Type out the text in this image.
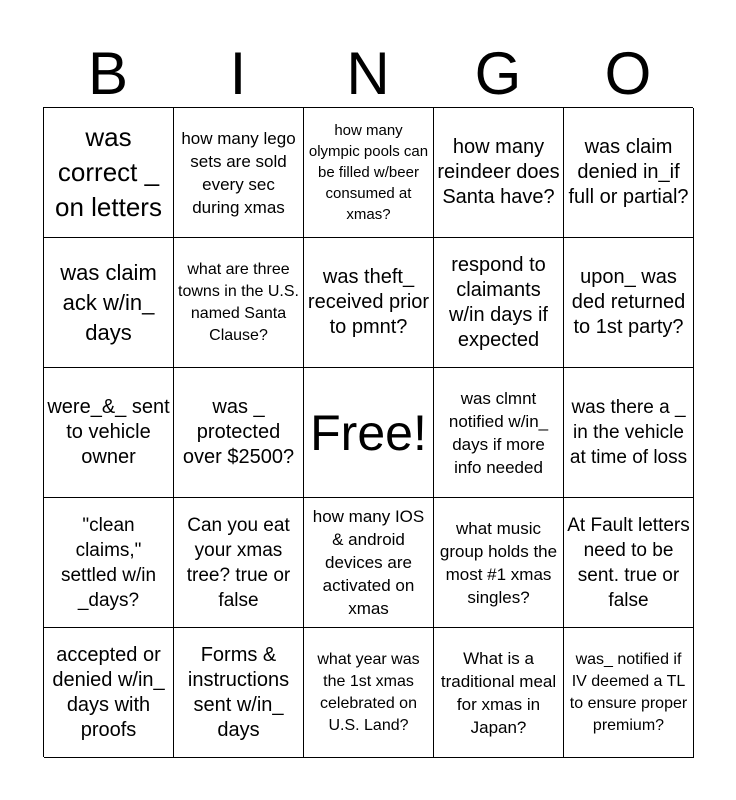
B	I	N	G	O
was correct _ on letters
how many lego sets are sold every sec during xmas
how many olympic pools can be filled w/beer consumed at xmas?
how many reindeer does Santa have?
was claim denied in_if full or partial?
was claim ack w/in_ days
what are three towns in the U.S. named Santa Clause?
was theft_ received prior to pmnt?
respond to claimants w/in days if expected
upon_ was ded returned to 1st party?
were_&_ sent to vehicle owner
was _ protected over $2500? Free!
was clmnt notified w/in_ days if more info needed
was there a _ in the vehicle at time of loss
"clean claims," settled w/in _days?
Can you eat your xmas tree? true or false
how many IOS & android devices are activated on xmas
what music group holds the most #1 xmas singles?
At Fault letters need to be sent. true or false
accepted or denied w/in_ days with proofs
Forms & instructions sent w/in_ days
what year was the 1st xmas celebrated on U.S. Land?
What is a traditional meal for xmas in Japan?
was_ notified if IV deemed a TL to ensure proper premium?
